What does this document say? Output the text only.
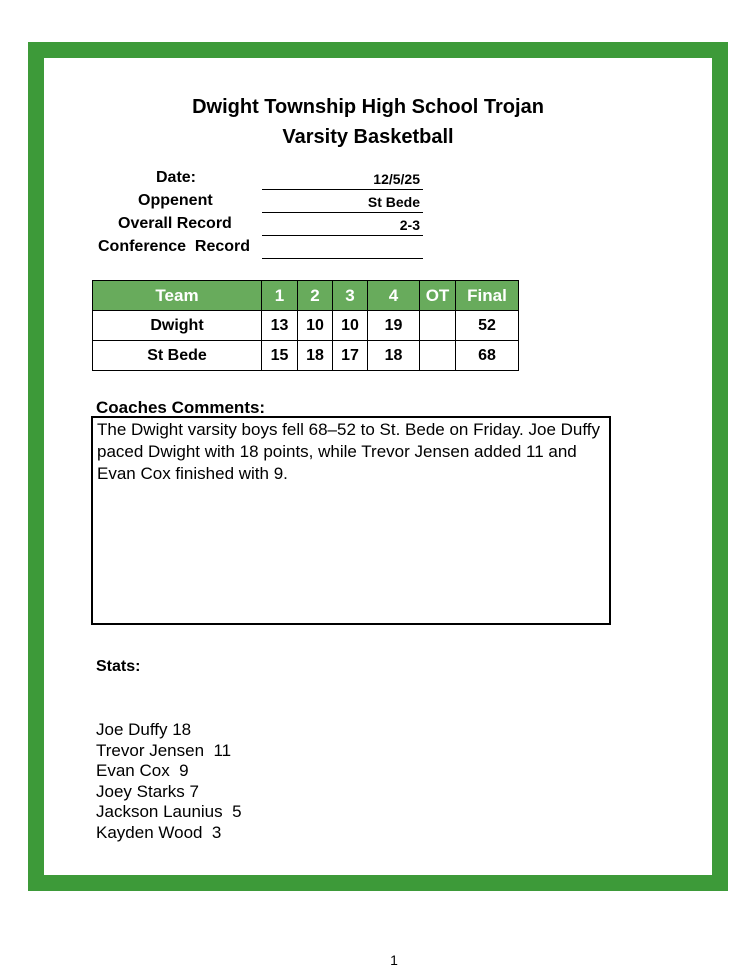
Dwight Township High School Trojan
Varsity Basketball
Date:	12/5/25
Oppenent	St Bede
Overall Record	2-3
Conference  Record
Team	1	2	3	4	OT	Final
Dwight	13	10	10	19		52
St Bede	15	18	17	18		68
Coaches Comments:
The Dwight varsity boys fell 68–52 to St. Bede on Friday. Joe Duffy paced Dwight with 18 points, while Trevor Jensen added 11 and Evan Cox finished with 9.
Stats:
Joe Duffy 18
Trevor Jensen  11
Evan Cox  9
Joey Starks 7
Jackson Launius  5
Kayden Wood  3
1
